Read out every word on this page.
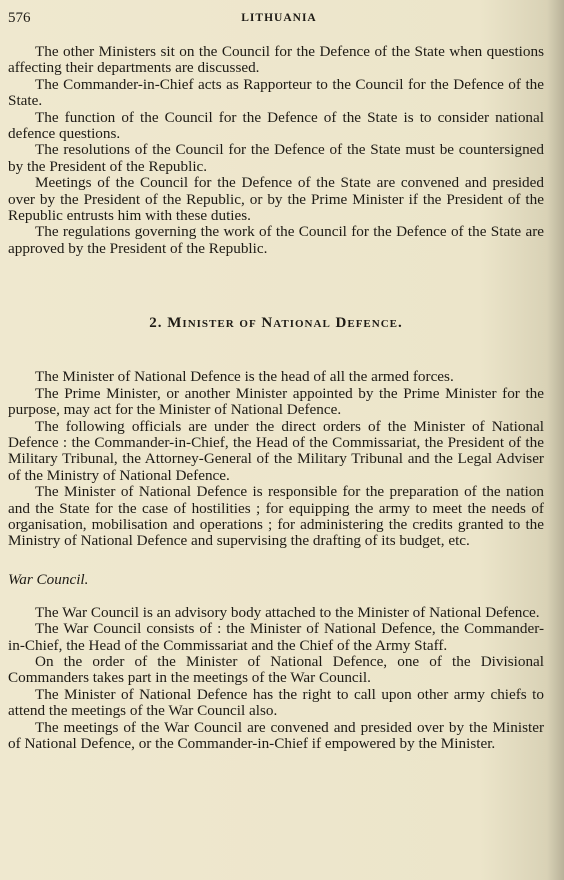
576	LITHUANIA

The other Ministers sit on the Council for the Defence of the State when questions affecting their departments are discussed.

The Commander-in-Chief acts as Rapporteur to the Council for the Defence of the State.

The function of the Council for the Defence of the State is to consider national defence questions.

The resolutions of the Council for the Defence of the State must be countersigned by the President of the Republic.

Meetings of the Council for the Defence of the State are convened and presided over by the President of the Republic, or by the Prime Minister if the President of the Republic entrusts him with these duties.

The regulations governing the work of the Council for the Defence of the State are approved by the President of the Republic.

2. Minister of National Defence.

The Minister of National Defence is the head of all the armed forces.

The Prime Minister, or another Minister appointed by the Prime Minister for the purpose, may act for the Minister of National Defence.

The following officials are under the direct orders of the Minister of National Defence : the Commander-in-Chief, the Head of the Commissariat, the President of the Military Tribunal, the Attorney-General of the Military Tribunal and the Legal Adviser of the Ministry of National Defence.

The Minister of National Defence is responsible for the preparation of the nation and the State for the case of hostilities ; for equipping the army to meet the needs of organisation, mobilisation and operations ; for administering the credits granted to the Ministry of National Defence and supervising the drafting of its budget, etc.

War Council.

The War Council is an advisory body attached to the Minister of National Defence.

The War Council consists of : the Minister of National Defence, the Commander-in-Chief, the Head of the Commissariat and the Chief of the Army Staff.

On the order of the Minister of National Defence, one of the Divisional Commanders takes part in the meetings of the War Council.

The Minister of National Defence has the right to call upon other army chiefs to attend the meetings of the War Council also.

The meetings of the War Council are convened and presided over by the Minister of National Defence, or the Commander-in-Chief if empowered by the Minister.
